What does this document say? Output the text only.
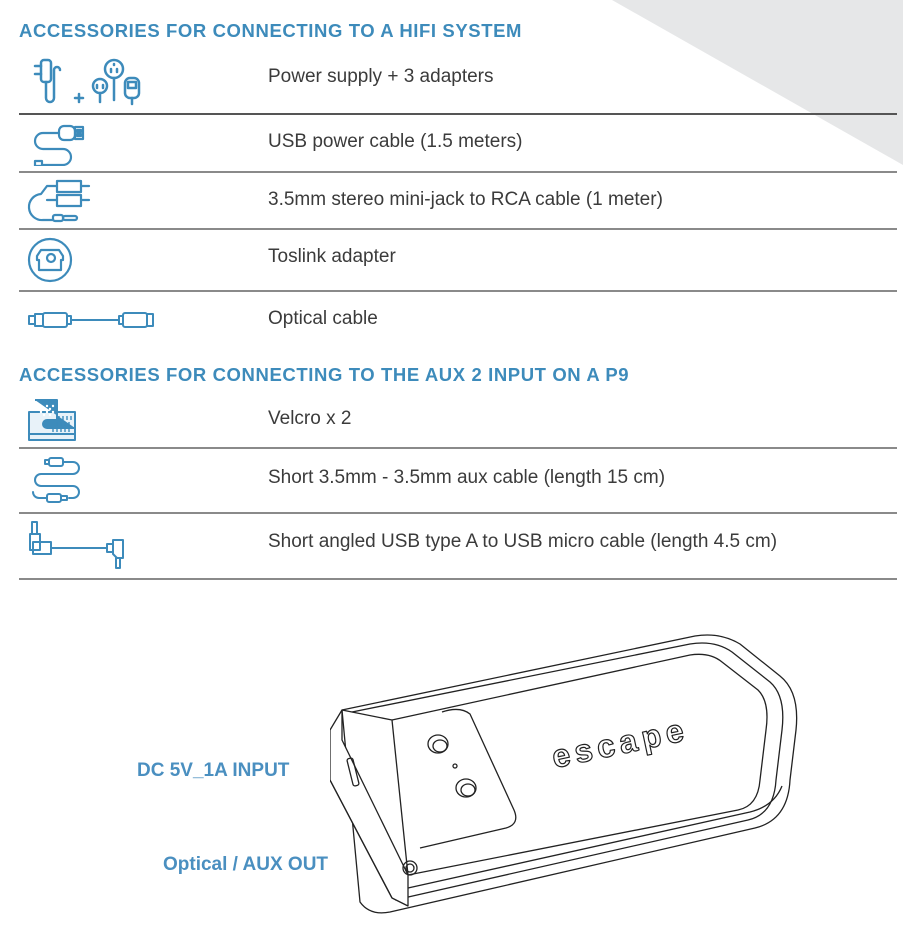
ACCESSORIES FOR CONNECTING TO A HIFI SYSTEM
Power supply + 3 adapters
USB power cable (1.5 meters)
3.5mm stereo mini-jack to RCA cable (1 meter)
Toslink adapter
Optical cable
ACCESSORIES FOR CONNECTING TO THE AUX 2 INPUT ON A P9
Velcro x 2
Short 3.5mm - 3.5mm aux cable (length 15 cm)
Short angled USB type A to USB micro cable (length 4.5 cm)
escape
DC 5V_1A INPUT
Optical / AUX OUT
